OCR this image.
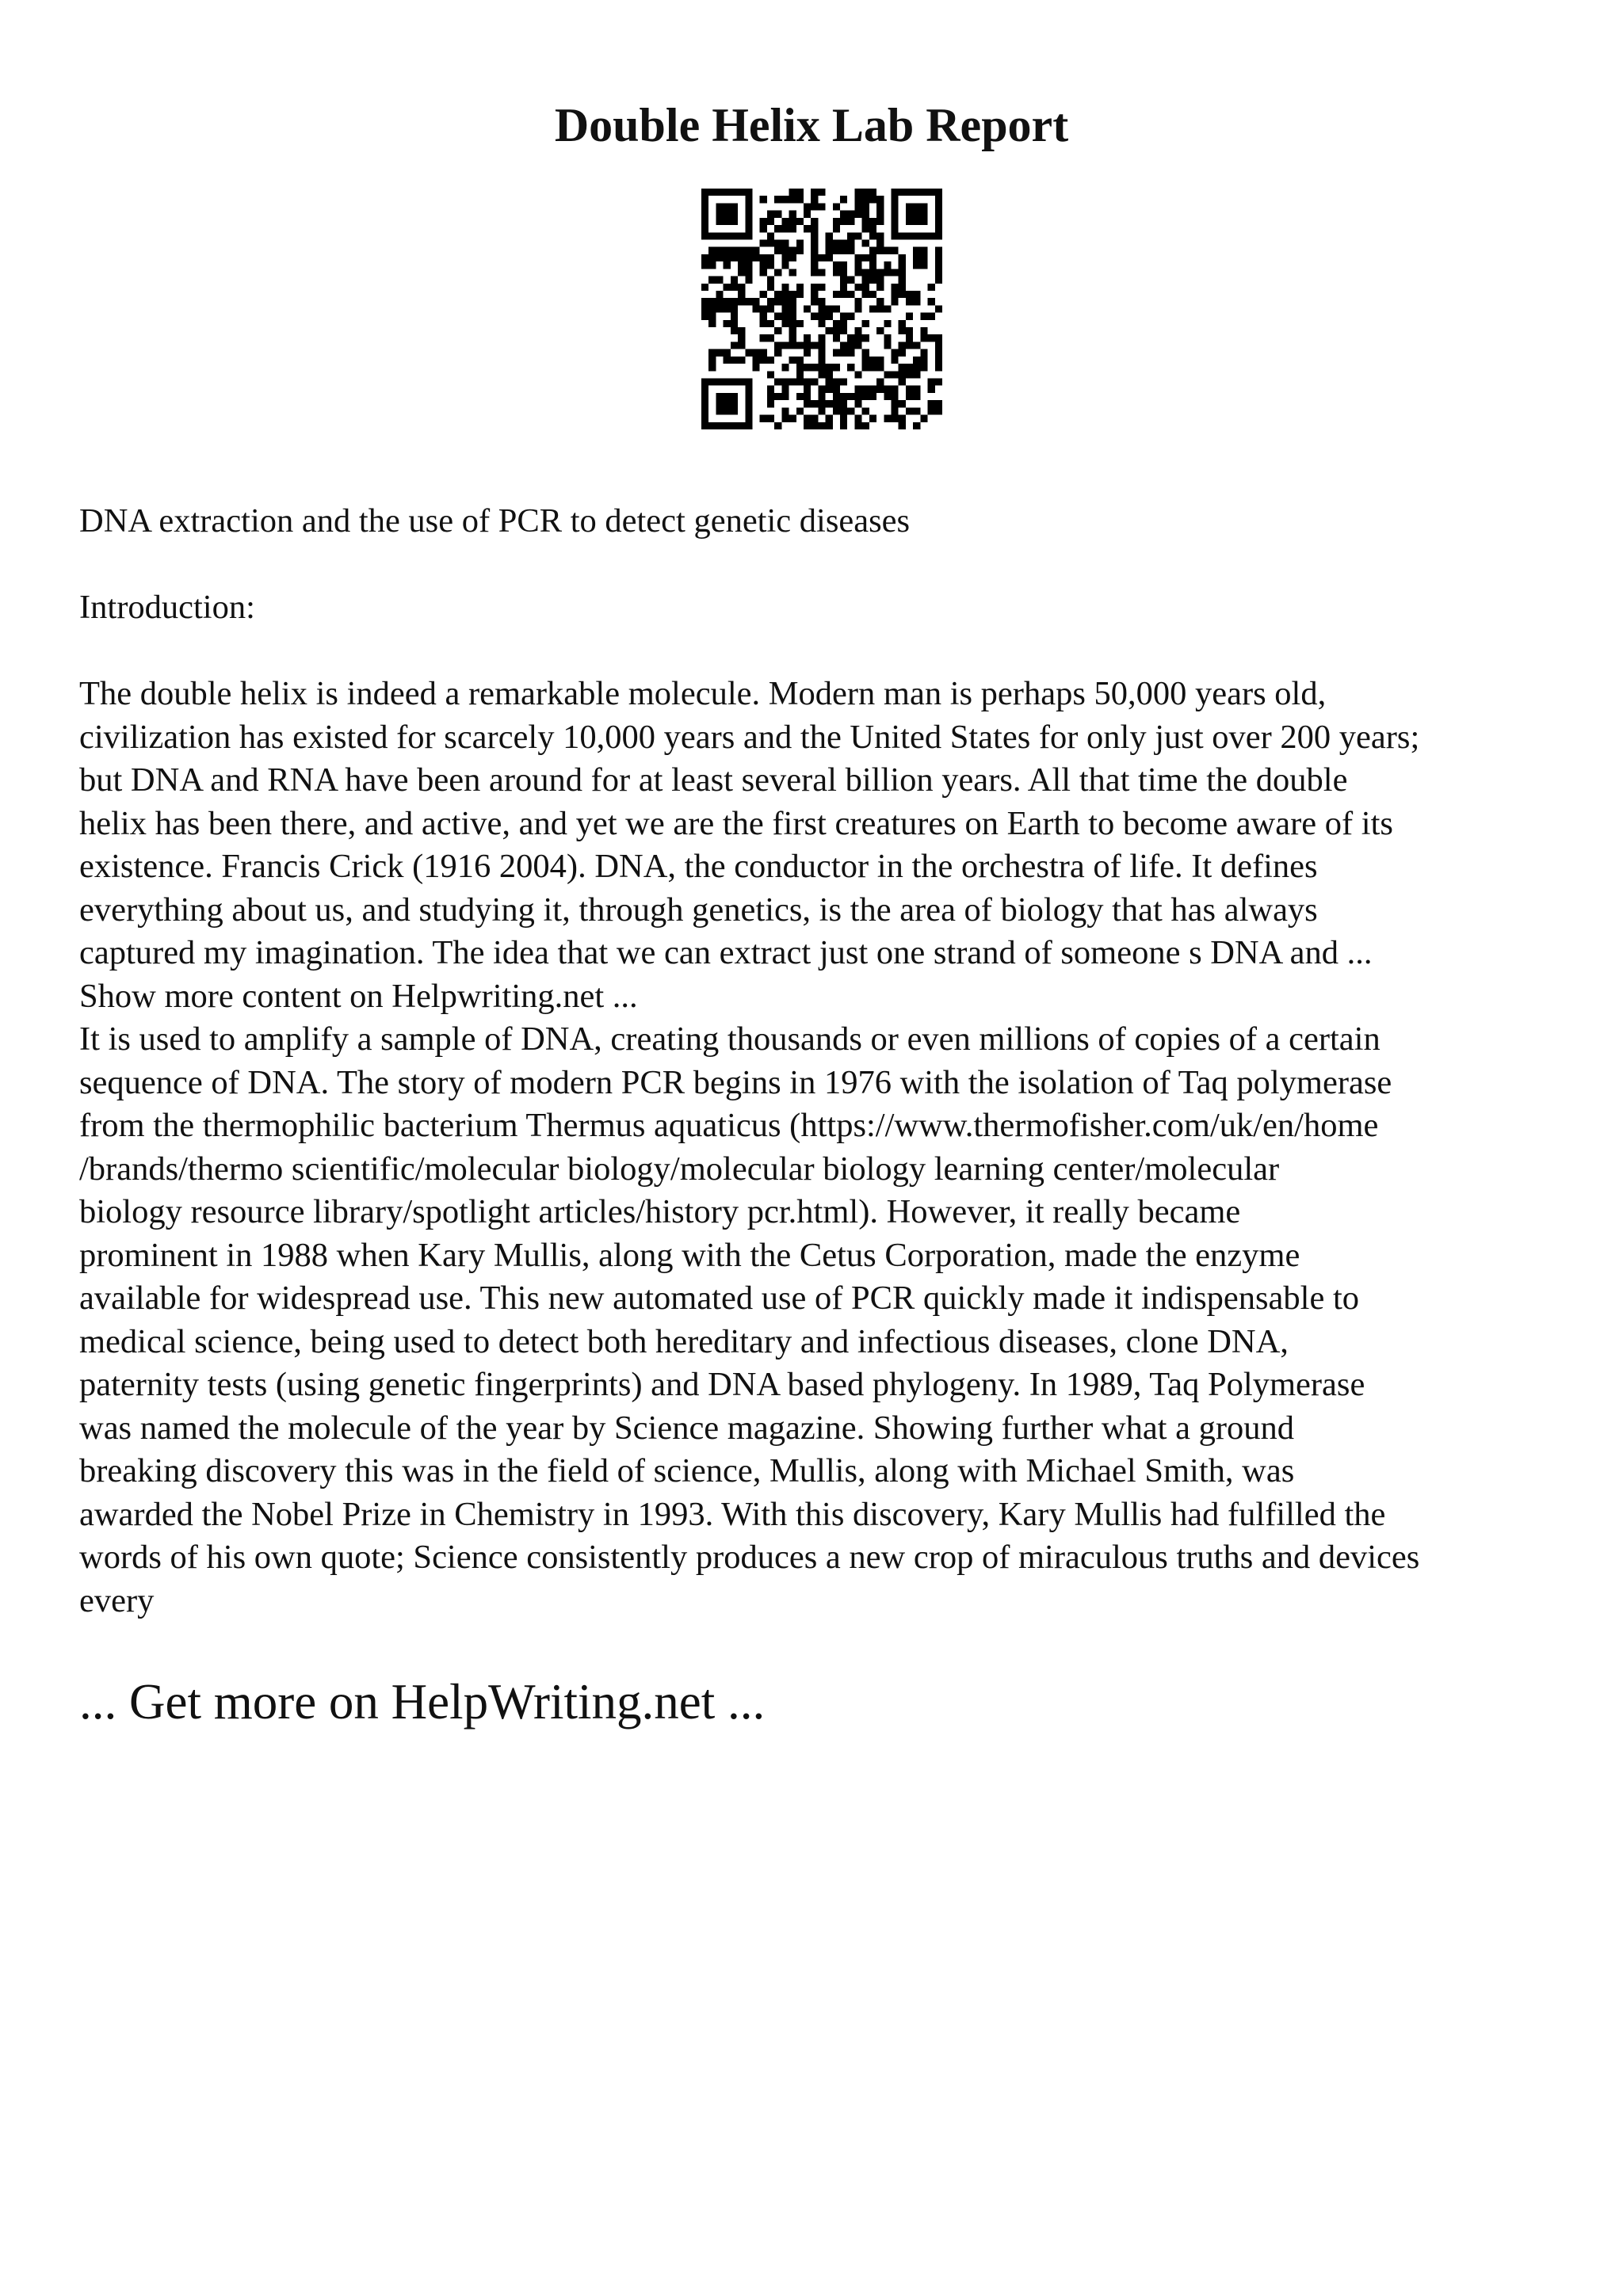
Double Helix Lab Report

DNA extraction and the use of PCR to detect genetic diseases

Introduction:

The double helix is indeed a remarkable molecule. Modern man is perhaps 50,000 years old,
civilization has existed for scarcely 10,000 years and the United States for only just over 200 years;
but DNA and RNA have been around for at least several billion years. All that time the double
helix has been there, and active, and yet we are the first creatures on Earth to become aware of its
existence. Francis Crick (1916 2004). DNA, the conductor in the orchestra of life. It defines
everything about us, and studying it, through genetics, is the area of biology that has always
captured my imagination. The idea that we can extract just one strand of someone s DNA and ...
Show more content on Helpwriting.net ...
It is used to amplify a sample of DNA, creating thousands or even millions of copies of a certain
sequence of DNA. The story of modern PCR begins in 1976 with the isolation of Taq polymerase
from the thermophilic bacterium Thermus aquaticus (https://www.thermofisher.com/uk/en/home
/brands/thermo scientific/molecular biology/molecular biology learning center/molecular
biology resource library/spotlight articles/history pcr.html). However, it really became
prominent in 1988 when Kary Mullis, along with the Cetus Corporation, made the enzyme
available for widespread use. This new automated use of PCR quickly made it indispensable to
medical science, being used to detect both hereditary and infectious diseases, clone DNA,
paternity tests (using genetic fingerprints) and DNA based phylogeny. In 1989, Taq Polymerase
was named the molecule of the year by Science magazine. Showing further what a ground
breaking discovery this was in the field of science, Mullis, along with Michael Smith, was
awarded the Nobel Prize in Chemistry in 1993. With this discovery, Kary Mullis had fulfilled the
words of his own quote; Science consistently produces a new crop of miraculous truths and devices
every

... Get more on HelpWriting.net ...
